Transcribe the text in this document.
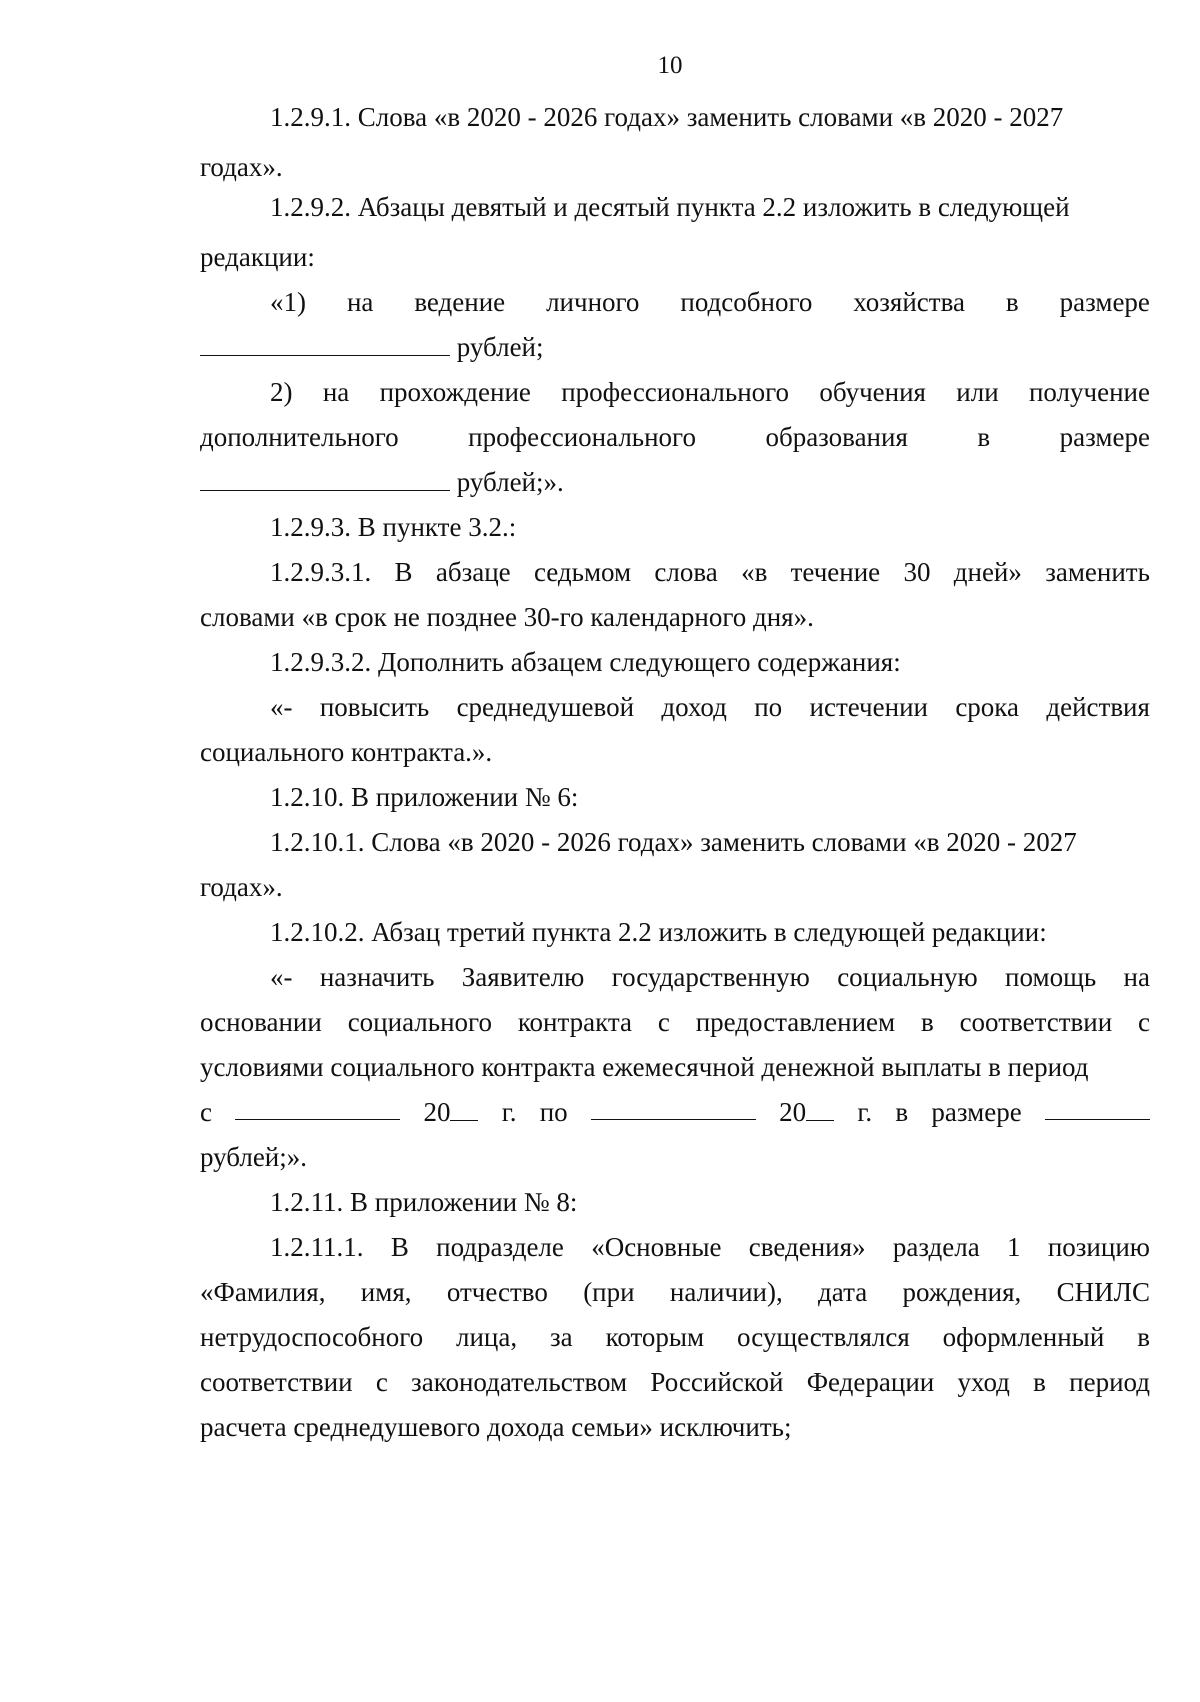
10
1.2.9.1. Слова «в 2020 - 2026 годах» заменить словами «в 2020 - 2027
годах».
1.2.9.2. Абзацы девятый и десятый пункта 2.2 изложить в следующей
редакции:
«1) на ведение личного подсобного хозяйства в размере
рублей;
2) на прохождение профессионального обучения или получение
дополнительного	профессионального	образования	в	размере
рублей;».
1.2.9.3. В пункте 3.2.:
1.2.9.3.1. В абзаце седьмом слова «в течение 30 дней» заменить
словами «в срок не позднее 30-го календарного дня».
1.2.9.3.2. Дополнить абзацем следующего содержания:
«- повысить среднедушевой доход по истечении срока действия
социального контракта.».
1.2.10. В приложении № 6:
1.2.10.1. Слова «в 2020 - 2026 годах» заменить словами «в 2020 - 2027
годах».
1.2.10.2. Абзац третий пункта 2.2 изложить в следующей редакции:
«- назначить Заявителю государственную социальную помощь на
основании социального контракта с предоставлением в соответствии с
условиями социального контракта ежемесячной денежной выплаты в период
с	20	г. по	20	г. в размере
рублей;».
1.2.11. В приложении № 8:
1.2.11.1. В подразделе «Основные сведения» раздела 1 позицию
«Фамилия, имя, отчество (при наличии), дата рождения, СНИЛС
нетрудоспособного лица, за которым осуществлялся оформленный в
соответствии с законодательством Российской Федерации уход в период
расчета среднедушевого дохода семьи» исключить;
